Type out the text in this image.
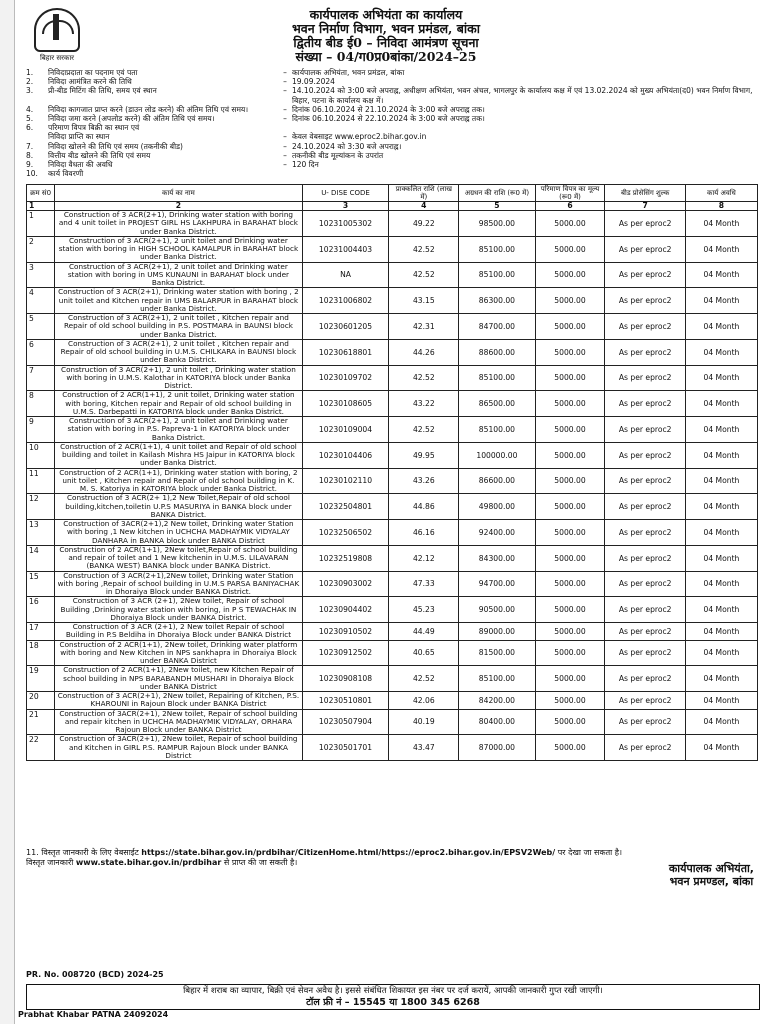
बिहार सरकार
कार्यपालक अभियंता का कार्यालय
भवन निर्माण विभाग, भवन प्रमंडल, बांका
द्वितीय बीड ई0 – निविदा आमंत्रण सूचना
संख्या – 04/ग0प्र0बांका/2024–25
1.	निविदाप्रदाता का पदनाम एवं पता	– कार्यपालक अभियंता, भवन प्रमंडल, बांका
2.	निविदा आमंत्रित करने की तिथि	– 19.09.2024
3.	प्री-बीड मिटिंग की तिथि, समय एवं स्थान	– 14.10.2024 को 3:00 बजे अपराह्न, अधीक्षण अभियंता, भवन अंचल, भागलपुर के कार्यालय कक्ष में एवं 13.02.2024 को मुख्य अभियंता(द0) भवन निर्माण विभाग, बिहार, पटना के कार्यालय कक्ष में।
4.	निविदा कागजात प्राप्त करने (डाउन लोड करने) की अंतिम तिथि एवं समय।	– दिनांक 06.10.2024 से 21.10.2024 के 3:00 बजे अपराह्न तक।
5.	निविदा जमा करने (अपलोड करने) की अंतिम तिथि एवं समय।	– दिनांक 06.10.2024 से 22.10.2024 के 3:00 बजे अपराह्न तक।
6.	परिमाण विपत्र बिक्री का स्थान एवं
निविदा प्राप्ति का स्थान	– केवल वेबसाइट www.eproc2.bihar.gov.in
7.	निविदा खोलने की तिथि एवं समय (तकनीकी बीड)	– 24.10.2024 को 3:30 बजे अपराह्न।
8.	वित्तीय बीड खोलने की तिथि एवं समय	– तकनीकी बीड मूल्यांकन के उपरांत
9.	निविदा वैधता की अवधि	– 120 दिन
10.	कार्य विवरणी
क्रम सं0	कार्य का नाम	U- DISE CODE	प्राक्कलित राशि (लाख में)	अग्रधन की राशि (रू0 में)	परिमाण विपत्र का मूल्य (रू0 में)	बीड प्रोसेसिंग शुल्क	कार्य अवधि
1	2	3	4	5	6	7	8
1	Construction of 3 ACR(2+1), Drinking water station with boring and 4 unit toilet in PROJEST GIRL HS LAKHPURA in BARAHAT block under Banka District.	10231005302	49.22	98500.00	5000.00	As per eproc2	04 Month
2	Construction of 3 ACR(2+1), 2 unit toilet and Drinking water station with boring in HIGH SCHOOL KAMALPUR in BARAHAT block under Banka District.	10231004403	42.52	85100.00	5000.00	As per eproc2	04 Month
3	Construction of 3 ACR(2+1), 2 unit toilet and Drinking water station with boring in UMS KUNAUNI in BARAHAT block under Banka District.	NA	42.52	85100.00	5000.00	As per eproc2	04 Month
4	Construction of 3 ACR(2+1), Drinking water station with boring , 2 unit toilet and Kitchen repair in UMS BALARPUR in BARAHAT block under Banka District.	10231006802	43.15	86300.00	5000.00	As per eproc2	04 Month
5	Construction of 3 ACR(2+1), 2 unit toilet , Kitchen repair and Repair of old school building in P.S. POSTMARA in BAUNSI block under Banka District.	10230601205	42.31	84700.00	5000.00	As per eproc2	04 Month
6	Construction of 3 ACR(2+1), 2 unit toilet , Kitchen repair and Repair of old school building in U.M.S. CHILKARA in BAUNSI block under Banka District.	10230618801	44.26	88600.00	5000.00	As per eproc2	04 Month
7	Construction of 3 ACR(2+1), 2 unit toilet , Drinking water station with boring in U.M.S. Kalothar in KATORIYA block under Banka District.	10230109702	42.52	85100.00	5000.00	As per eproc2	04 Month
8	Construction of 2 ACR(1+1), 2 unit toilet, Drinking water station with boring, Kitchen repair and Repair of old school building in U.M.S. Darbepatti in KATORIYA block under Banka District.	10230108605	43.22	86500.00	5000.00	As per eproc2	04 Month
9	Construction of 3 ACR(2+1), 2 unit toilet and Drinking water station with boring in P.S. Papreva-1 in KATORIYA block under Banka District.	10230109004	42.52	85100.00	5000.00	As per eproc2	04 Month
10	Construction of 2 ACR(1+1), 4 unit toilet and Repair of old school building and toilet in Kailash Mishra HS Jaipur in KATORIYA block under Banka District.	10230104406	49.95	100000.00	5000.00	As per eproc2	04 Month
11	Construction of 2 ACR(1+1), Drinking water station with boring, 2 unit toilet , Kitchen repair and Repair of old school building in K. M. S. Katoriya in KATORIYA block under Banka District.	10230102110	43.26	86600.00	5000.00	As per eproc2	04 Month
12	Construction of 3 ACR(2+ 1),2 New Toilet,Repair of old school building,kitchen,toiletin U.P.S MASURIYA in BANKA block under BANKA District.	10232504801	44.86	49800.00	5000.00	As per eproc2	04 Month
13	Construction of 3ACR(2+1),2 New toilet, Drinking water Station with boring ,1 New kitchen in UCHCHA MADHAYMIK VIDYALAY DANHARA in BANKA block under BANKA District	10232506502	46.16	92400.00	5000.00	As per eproc2	04 Month
14	Construction of 2 ACR(1+1), 2New toilet,Repair of school building and repair of toilet and 1 New kitchenin in U.M.S. LILAVARAN (BANKA WEST) BANKA block under BANKA District.	10232519808	42.12	84300.00	5000.00	As per eproc2	04 Month
15	Construction of 3 ACR(2+1),2New toilet, Drinking water Station with boring ,Repair of school building in U.M.S PARSA BANIYACHAK in Dhoraiya Block under BANKA District.	10230903002	47.33	94700.00	5000.00	As per eproc2	04 Month
16	Construction of 3 ACR (2+1), 2New toilet, Repair of school Building ,Drinking water station with boring, in P S TEWACHAK IN Dhoraiya Block under BANKA District.	10230904402	45.23	90500.00	5000.00	As per eproc2	04 Month
17	Construction of 3 ACR (2+1), 2 New toilet Repair of school Building in P.S Beldiha in Dhoraiya Block under BANKA District	10230910502	44.49	89000.00	5000.00	As per eproc2	04 Month
18	Construction of 2 ACR(1+1), 2New toilet, Drinking water platform with boring and New Kitchen in NPS sankhapra in Dhoraiya Block under BANKA District	10230912502	40.65	81500.00	5000.00	As per eproc2	04 Month
19	Construction of 2 ACR(1+1), 2New toilet, new Kitchen Repair of school building in NPS BARABANDH MUSHARI in Dhoraiya Block under BANKA District	10230908108	42.52	85100.00	5000.00	As per eproc2	04 Month
20	Construction of 3 ACR(2+1), 2New toilet, Repairing of Kitchen, P.S. KHAROUNI in Rajoun Block under BANKA District	10230510801	42.06	84200.00	5000.00	As per eproc2	04 Month
21	Construction of 3ACR(2+1), 2New toilet, Repair of school building and repair kitchen in UCHCHA MADHAYMIK VIDYALAY, ORHARA Rajoun Block under BANKA District	10230507904	40.19	80400.00	5000.00	As per eproc2	04 Month
22	Construction of 3ACR(2+1), 2New toilet, Repair of school building and Kitchen in GIRL P.S. RAMPUR Rajoun Block under BANKA District	10230501701	43.47	87000.00	5000.00	As per eproc2	04 Month
11. विस्तृत जानकारी के लिए वेबसाईट https://state.bihar.gov.in/prdbihar/CitizenHome.html/https://eproc2.bihar.gov.in/EPSV2Web/ पर देखा जा सकता है।
विस्तृत जानकारी www.state.bihar.gov.in/prdbihar से प्राप्त की जा सकती है।	कार्यपालक अभियंता,
भवन प्रमण्डल, बांका
PR. No. 008720 (BCD) 2024-25
बिहार में शराब का व्यापार, बिक्री एवं सेवन अवैध है। इससे संबंधित शिकायत इस नंबर पर दर्ज करायें, आपकी जानकारी गुप्त रखी जाएगी।
टॉल फ्री नं – 15545 या 1800 345 6268
Prabhat Khabar PATNA 24092024
